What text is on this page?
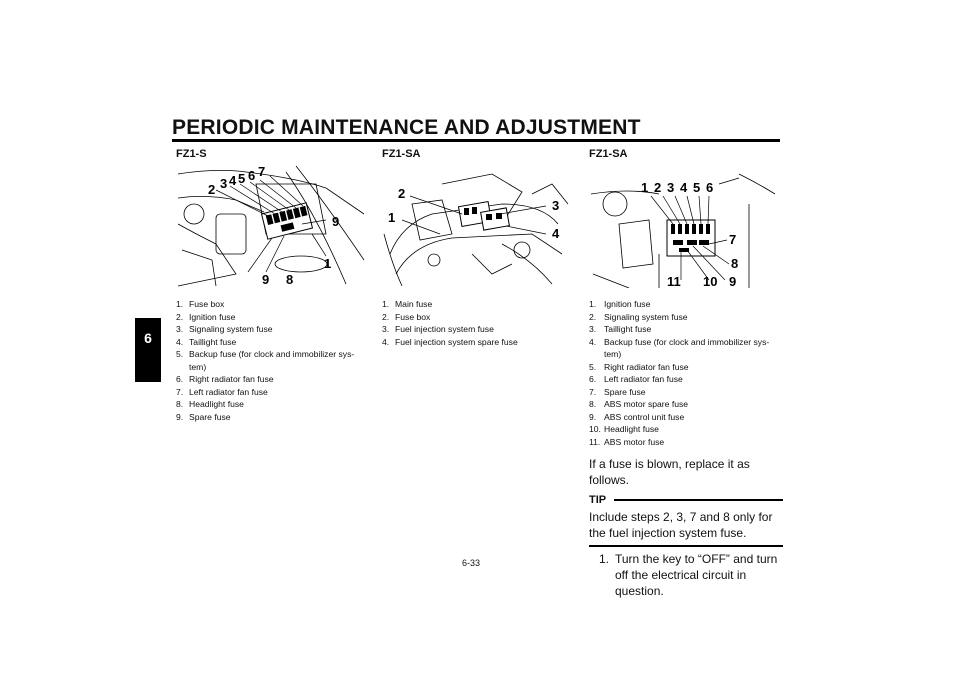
PERIODIC MAINTENANCE AND ADJUSTMENT
6
FZ1-S
2 3 4 5 6 7
9
1
9 8
1. Fuse box
2. Ignition fuse
3. Signaling system fuse
4. Taillight fuse
5. Backup fuse (for clock and immobilizer sys-tem)
6. Right radiator fan fuse
7. Left radiator fan fuse
8. Headlight fuse
9. Spare fuse
FZ1-SA
2
1
3
4
1. Main fuse
2. Fuse box
3. Fuel injection system fuse
4. Fuel injection system spare fuse
FZ1-SA
1 2 3 4 5 6
7
8
9
10
11
1. Ignition fuse
2. Signaling system fuse
3. Taillight fuse
4. Backup fuse (for clock and immobilizer sys-tem)
5. Right radiator fan fuse
6. Left radiator fan fuse
7. Spare fuse
8. ABS motor spare fuse
9. ABS control unit fuse
10. Headlight fuse
11. ABS motor fuse

If a fuse is blown, replace it as follows.

TIP
Include steps 2, 3, 7 and 8 only for the fuel injection system fuse.
1. Turn the key to “OFF” and turn off the electrical circuit in question.
6-33
